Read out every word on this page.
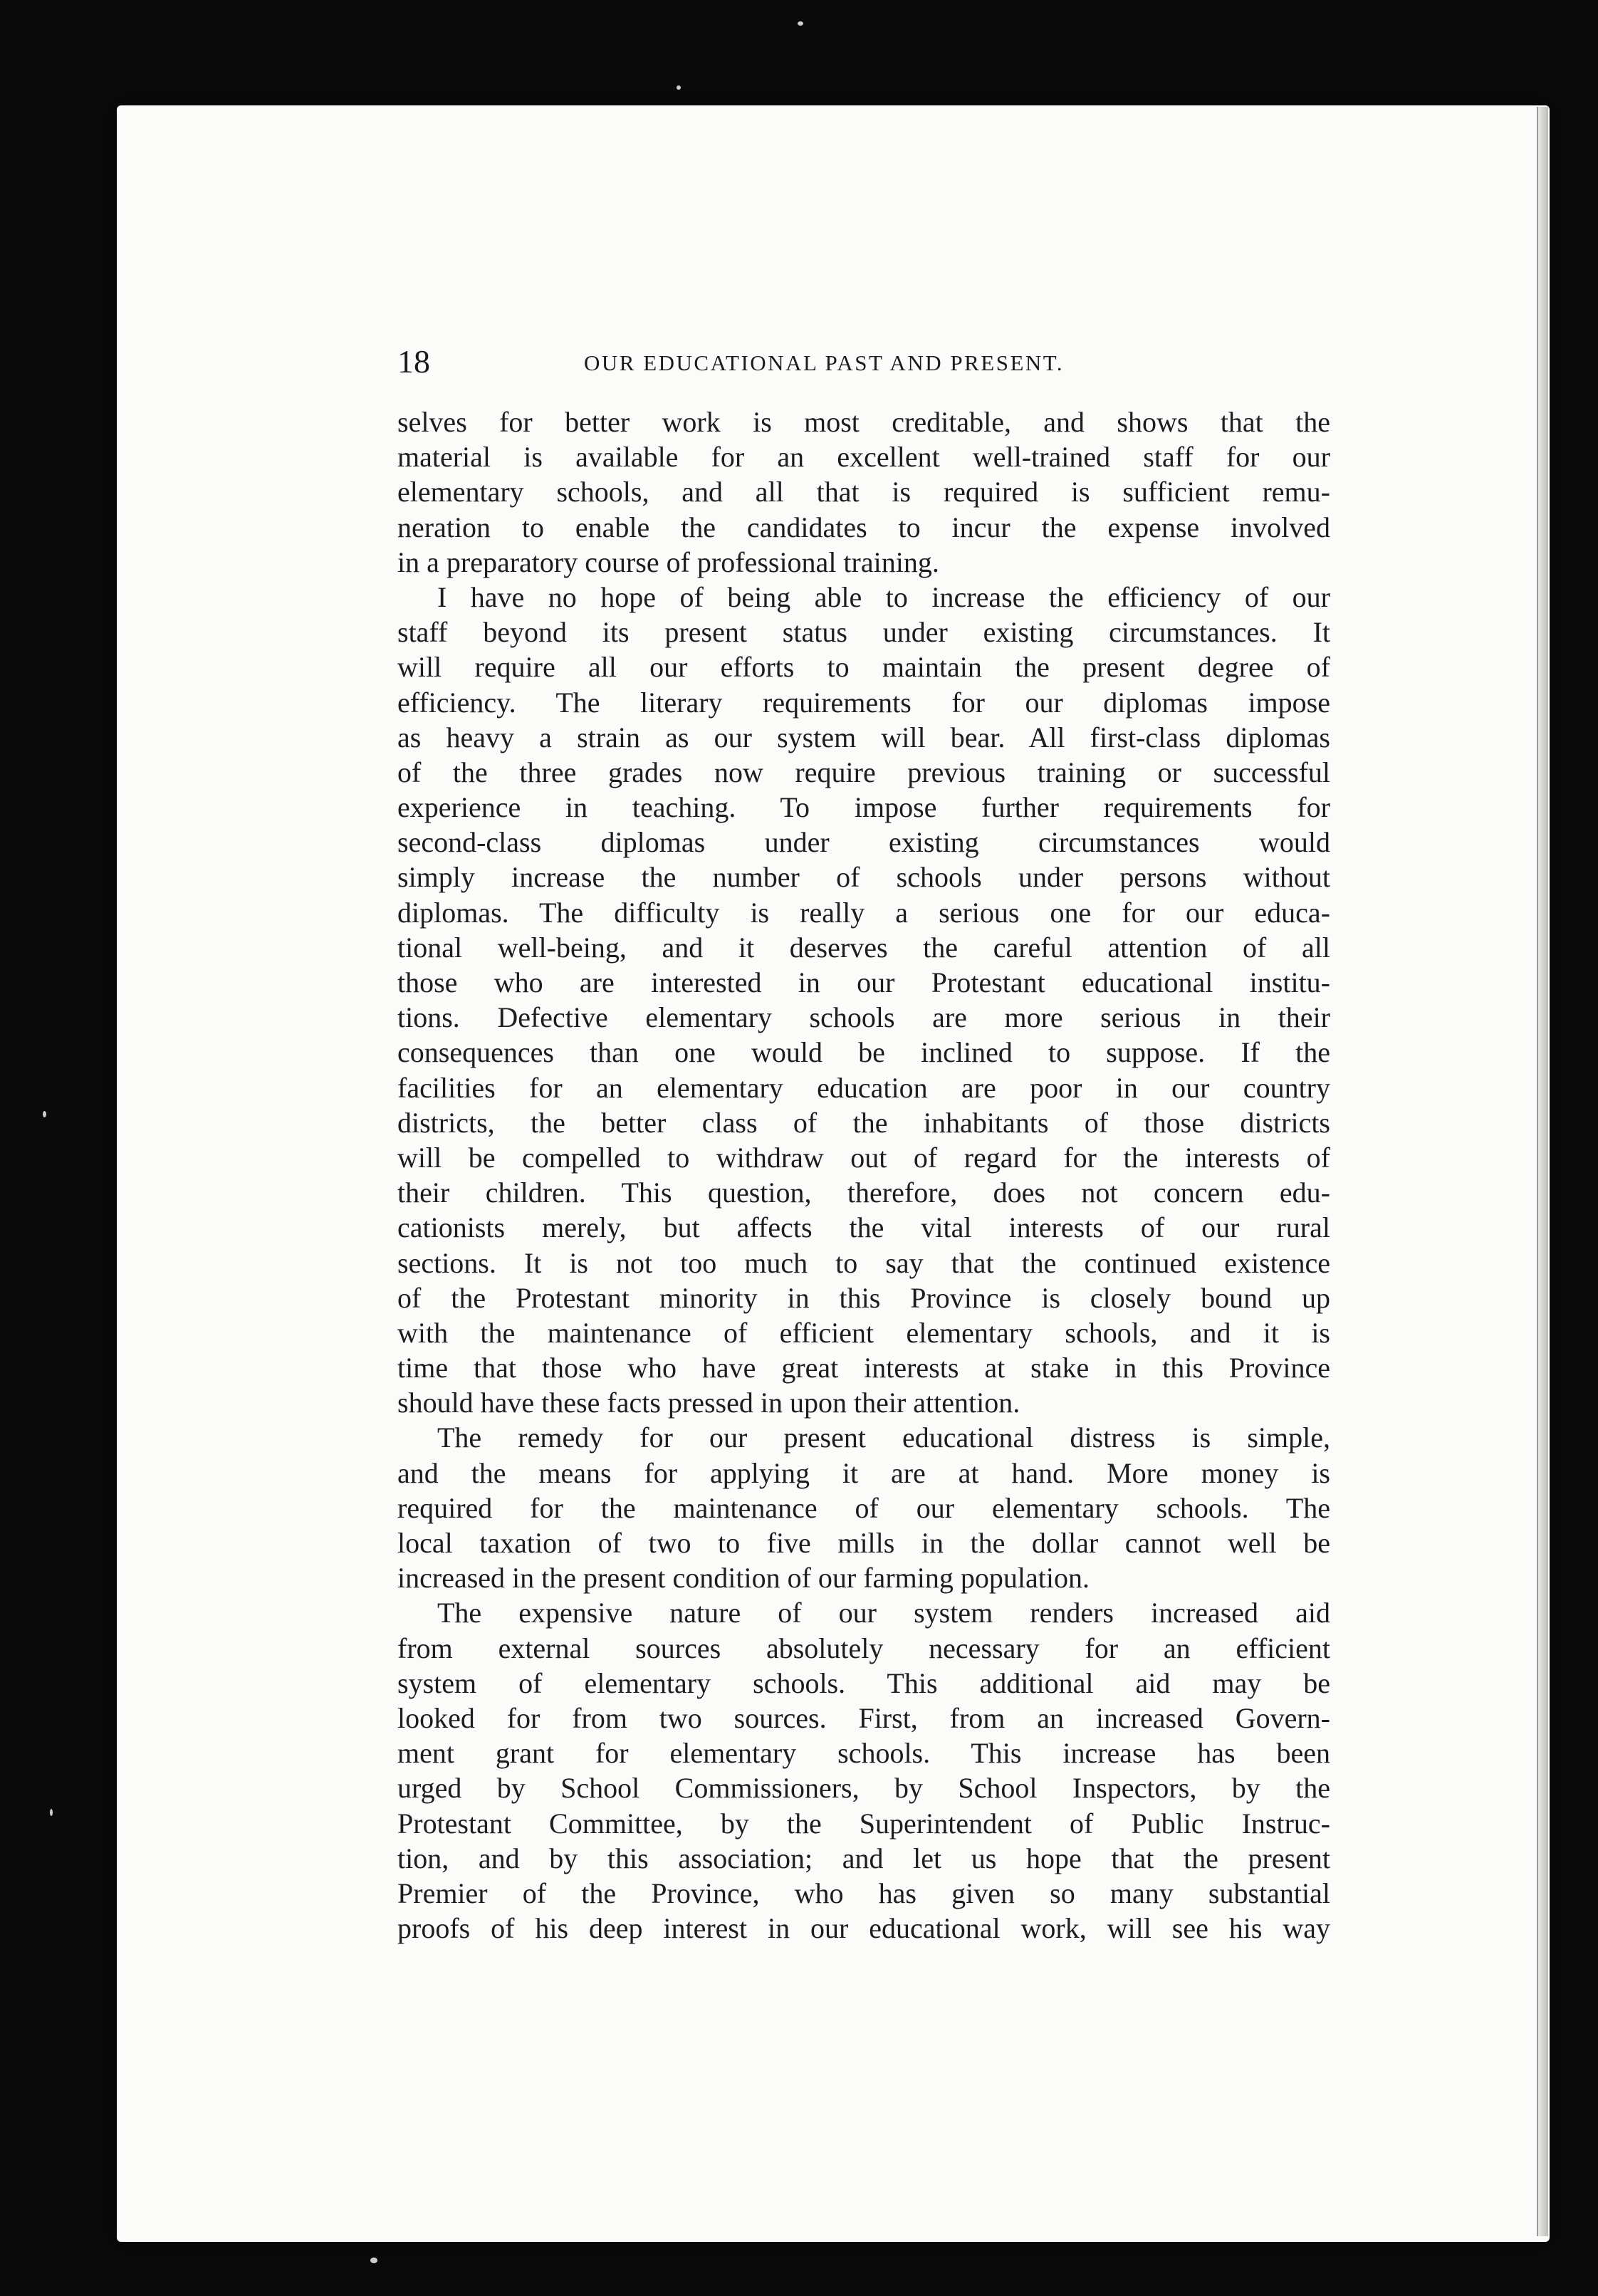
18	OUR EDUCATIONAL PAST AND PRESENT.
selves for better work is most creditable, and shows that the
material is available for an excellent well-trained staff for our
elementary schools, and all that is required is sufficient remu-
neration to enable the candidates to incur the expense involved
in a preparatory course of professional training.
I have no hope of being able to increase the efficiency of our
staff beyond its present status under existing circumstances. It
will require all our efforts to maintain the present degree of
efficiency. The literary requirements for our diplomas impose
as heavy a strain as our system will bear. All first-class diplomas
of the three grades now require previous training or successful
experience in teaching. To impose further requirements for
second-class diplomas under existing circumstances would
simply increase the number of schools under persons without
diplomas. The difficulty is really a serious one for our educa-
tional well-being, and it deserves the careful attention of all
those who are interested in our Protestant educational institu-
tions. Defective elementary schools are more serious in their
consequences than one would be inclined to suppose. If the
facilities for an elementary education are poor in our country
districts, the better class of the inhabitants of those districts
will be compelled to withdraw out of regard for the interests of
their children. This question, therefore, does not concern edu-
cationists merely, but affects the vital interests of our rural
sections. It is not too much to say that the continued existence
of the Protestant minority in this Province is closely bound up
with the maintenance of efficient elementary schools, and it is
time that those who have great interests at stake in this Province
should have these facts pressed in upon their attention.
The remedy for our present educational distress is simple,
and the means for applying it are at hand. More money is
required for the maintenance of our elementary schools. The
local taxation of two to five mills in the dollar cannot well be
increased in the present condition of our farming population.
The expensive nature of our system renders increased aid
from external sources absolutely necessary for an efficient
system of elementary schools. This additional aid may be
looked for from two sources. First, from an increased Govern-
ment grant for elementary schools. This increase has been
urged by School Commissioners, by School Inspectors, by the
Protestant Committee, by the Superintendent of Public Instruc-
tion, and by this association; and let us hope that the present
Premier of the Province, who has given so many substantial
proofs of his deep interest in our educational work, will see his way
